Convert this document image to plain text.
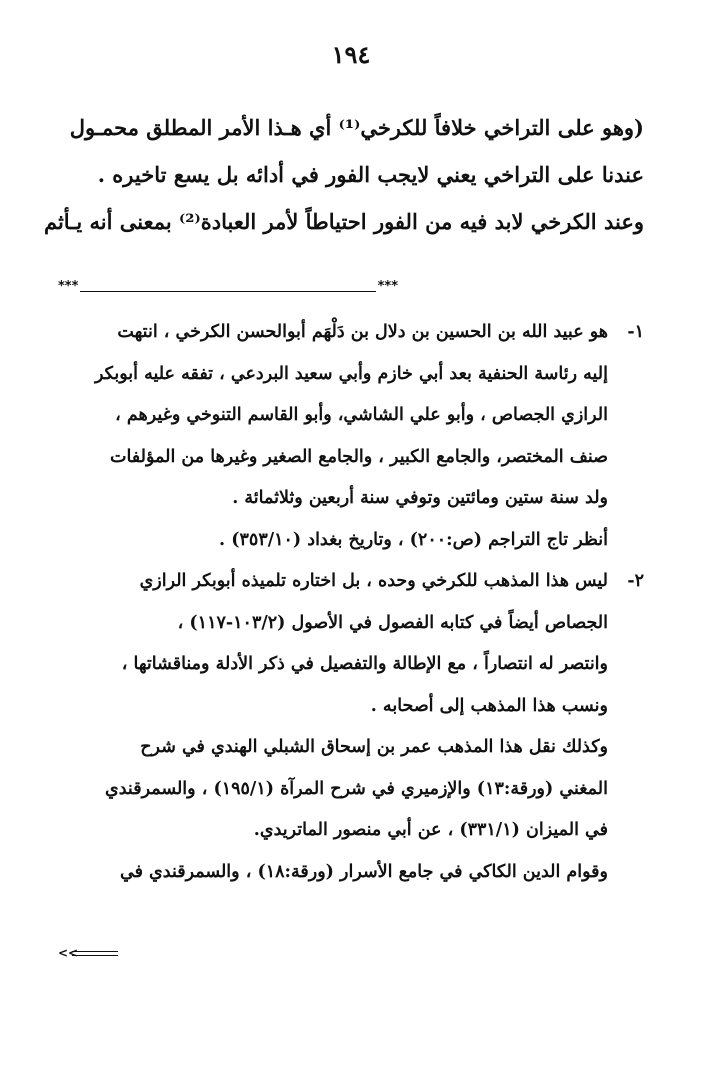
١٩٤

(وهو على التراخي خلافاً للكرخي⁽¹⁾ أي هـذا الأمر المطلق محمـول

عندنا على التراخي يعني لايجب الفور في أدائه بل يسع تاخيره .

وعند الكرخي لابد فيه من الفور احتياطاً لأمر العبادة⁽²⁾ بمعنى أنه يـأثم

***	***
١-

هو عبيد الله بن الحسين بن دلال بن دَلْهَم أبوالحسن الكرخي ، انتهت

إليه رئاسة الحنفية بعد أبي خازم وأبي سعيد البردعي ، تفقه عليه أبوبكر

الرازي الجصاص ، وأبو علي الشاشي، وأبو القاسم التنوخي وغيرهم ،

صنف المختصر، والجامع الكبير ، والجامع الصغير وغيرها من المؤلفات

ولد سنة ستين ومائتين وتوفي سنة أربعين وثلاثمائة .

أنظر تاج التراجم (ص:٢٠٠) ، وتاريخ بغداد (٣٥٣/١٠) .

٢-

ليس هذا المذهب للكرخي وحده ، بل اختاره تلميذه أبوبكر الرازي

الجصاص أيضاً في كتابه الفصول في الأصول (١٠٣/٢-١١٧) ،

وانتصر له انتصاراً ، مع الإطالة والتفصيل في ذكر الأدلة ومناقشاتها ،

ونسب هذا المذهب إلى أصحابه .

وكذلك نقل هذا المذهب عمر بن إسحاق الشبلي الهندي في شرح

المغني (ورقة:١٣) والإزميري في شرح المرآة (١٩٥/١) ، والسمرقندي

في الميزان (٣٣١/١) ، عن أبي منصور الماتريدي.

وقوام الدين الكاكي في جامع الأسرار (ورقة:١٨) ، والسمرقندي في

<<
